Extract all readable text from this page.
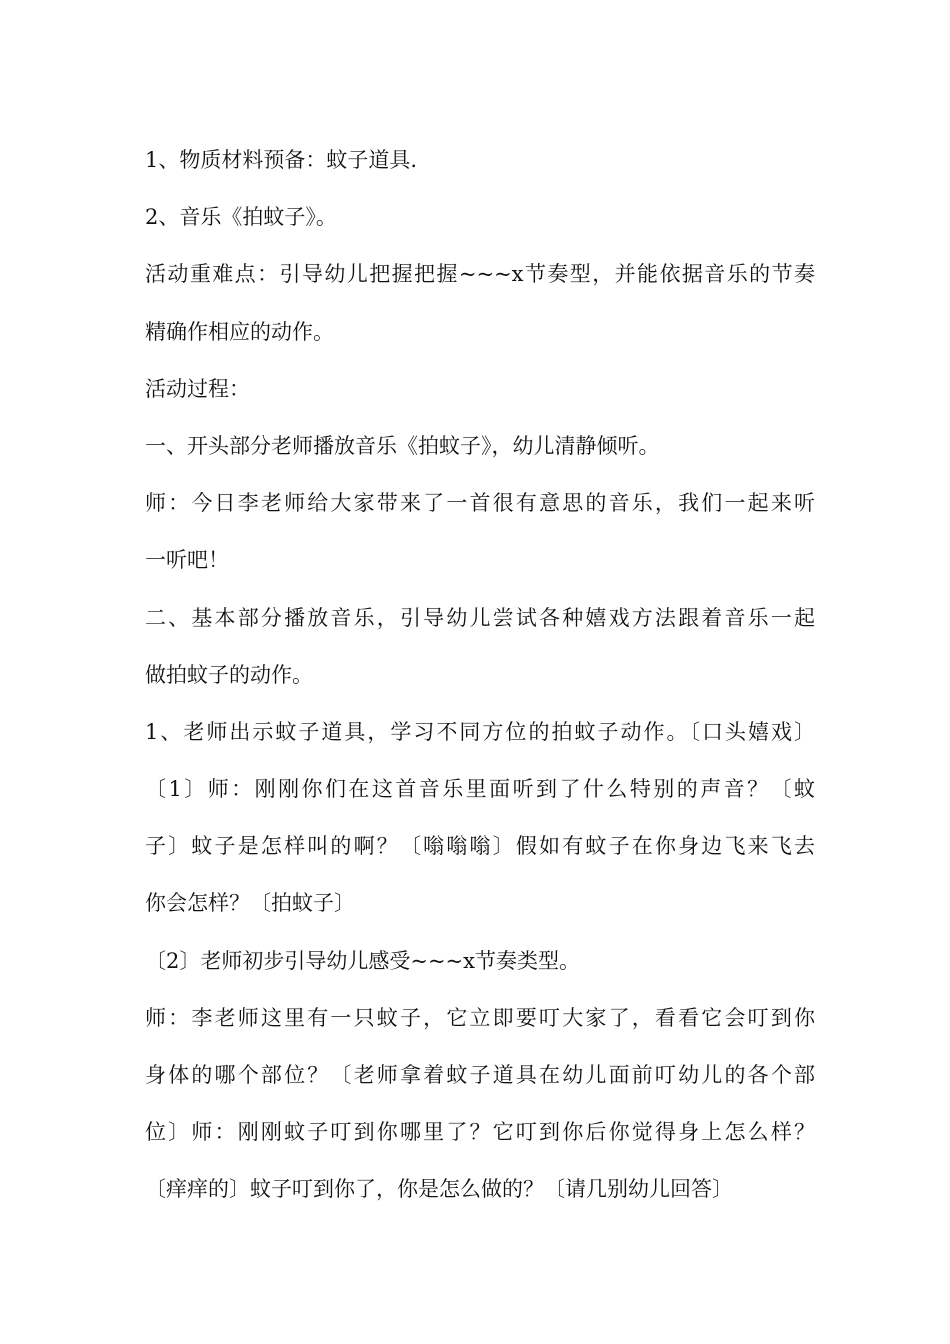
1、物质材料预备：蚊子道具.
2、音乐《拍蚊子》。
活动重难点：引导幼儿把握把握~~~x节奏型，并能依据音乐的节奏
精确作相应的动作。
活动过程：
一、开头部分老师播放音乐《拍蚊子》，幼儿清静倾听。
师：今日李老师给大家带来了一首很有意思的音乐，我们一起来听
一听吧！
二、基本部分播放音乐，引导幼儿尝试各种嬉戏方法跟着音乐一起
做拍蚊子的动作。
1、老师出示蚊子道具，学习不同方位的拍蚊子动作。〔口头嬉戏〕
〔1〕师：刚刚你们在这首音乐里面听到了什么特别的声音？〔蚊
子〕蚊子是怎样叫的啊？〔嗡嗡嗡〕假如有蚊子在你身边飞来飞去
你会怎样？〔拍蚊子〕
〔2〕老师初步引导幼儿感受~~~x节奏类型。
师：李老师这里有一只蚊子，它立即要叮大家了，看看它会叮到你
身体的哪个部位？〔老师拿着蚊子道具在幼儿面前叮幼儿的各个部
位〕师：刚刚蚊子叮到你哪里了？它叮到你后你觉得身上怎么样？
〔痒痒的〕蚊子叮到你了，你是怎么做的？〔请几别幼儿回答〕
